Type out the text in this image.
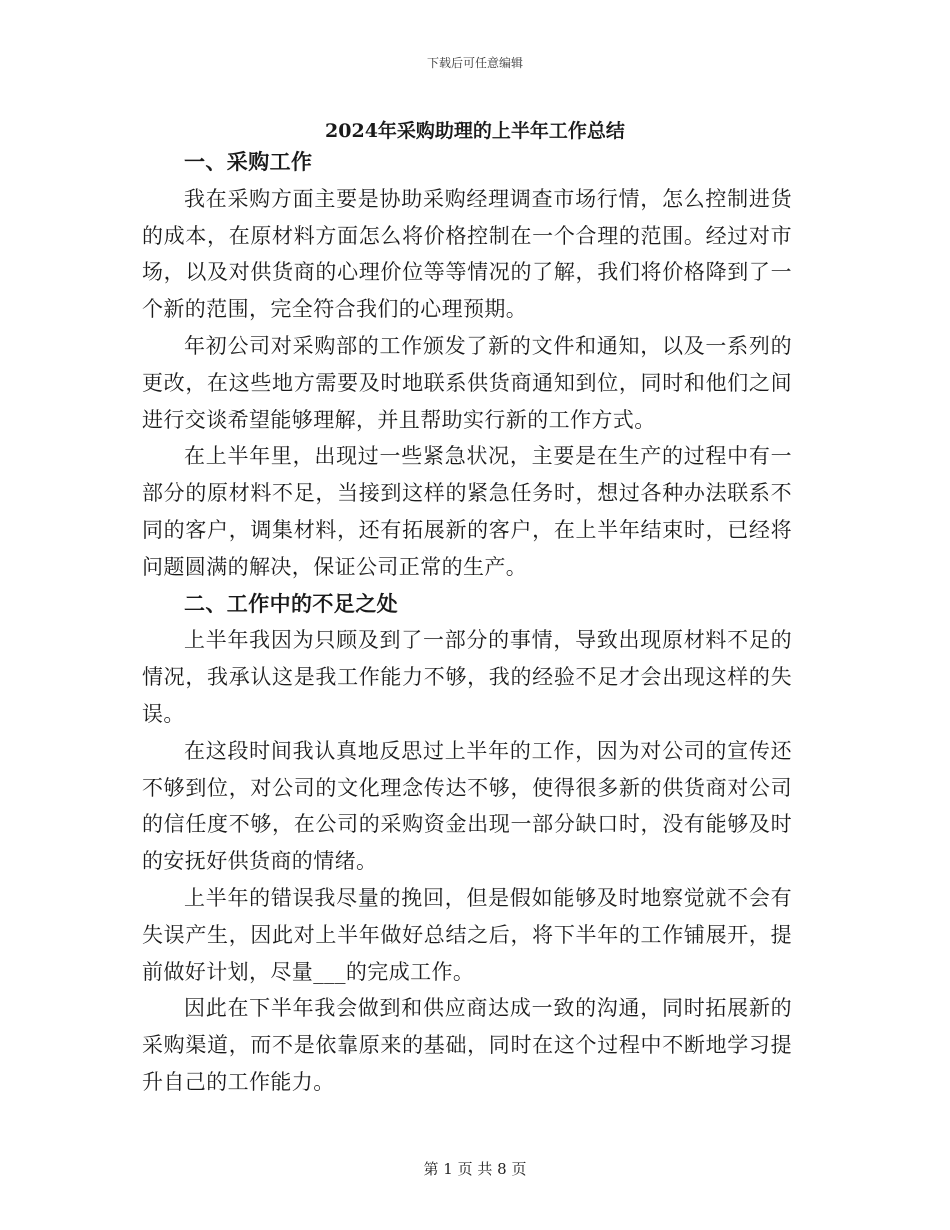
下载后可任意编辑
2024年采购助理的上半年工作总结

一、采购工作

我在采购方面主要是协助采购经理调查市场行情，怎么控制进货的成本，在原材料方面怎么将价格控制在一个合理的范围。经过对市场，以及对供货商的心理价位等等情况的了解，我们将价格降到了一个新的范围，完全符合我们的心理预期。

年初公司对采购部的工作颁发了新的文件和通知，以及一系列的更改，在这些地方需要及时地联系供货商通知到位，同时和他们之间进行交谈希望能够理解，并且帮助实行新的工作方式。

在上半年里，出现过一些紧急状况，主要是在生产的过程中有一部分的原材料不足，当接到这样的紧急任务时，想过各种办法联系不同的客户，调集材料，还有拓展新的客户，在上半年结束时，已经将问题圆满的解决，保证公司正常的生产。

二、工作中的不足之处

上半年我因为只顾及到了一部分的事情，导致出现原材料不足的情况，我承认这是我工作能力不够，我的经验不足才会出现这样的失误。

在这段时间我认真地反思过上半年的工作，因为对公司的宣传还不够到位，对公司的文化理念传达不够，使得很多新的供货商对公司的信任度不够，在公司的采购资金出现一部分缺口时，没有能够及时的安抚好供货商的情绪。

上半年的错误我尽量的挽回，但是假如能够及时地察觉就不会有失误产生，因此对上半年做好总结之后，将下半年的工作铺展开，提前做好计划，尽量___的完成工作。

因此在下半年我会做到和供应商达成一致的沟通，同时拓展新的采购渠道，而不是依靠原来的基础，同时在这个过程中不断地学习提升自己的工作能力。

第 1 页 共 8 页
